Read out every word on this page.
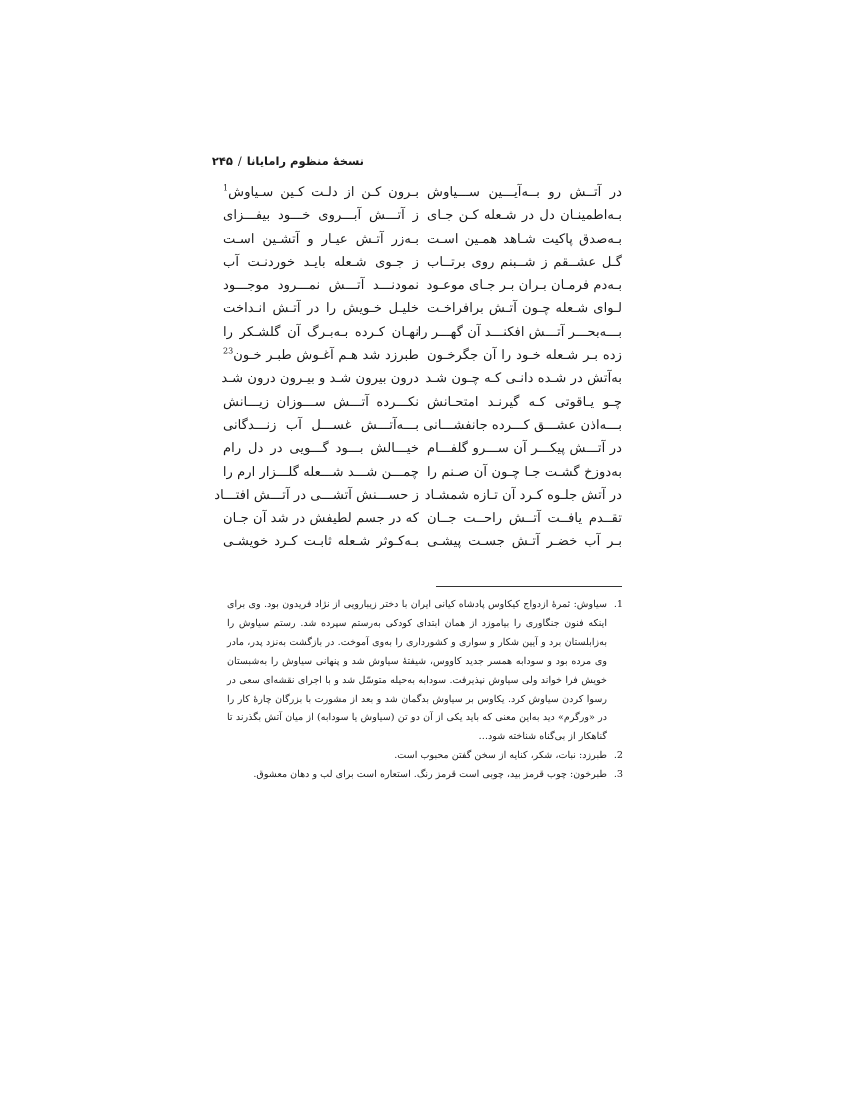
نسخهٔ منظوم رامایانا/۲۴۵
در آتــش رو بــه‌آیـــین ســـیاوش
بـه‌اطمینـان دل در شـعله کـن جـای
بـه‌صدق پاکیت شـاهد همـین اسـت
گـل عشــقم ز شــبنم روی برتــاب
بـه‌دم فرمـان بـران بـر جـای موعـود
لـوای شـعله چـون آتـش برافراخـت
بـــه‌بحـــر آتـــش افکنـــد آن گهـــر را
زده بـر شـعله خـود را آن جگرخـون
به‌آتش در شـده دانـی کـه چـون شـد
چـو یـاقوتی کـه گیرنـد امتحـانش
بـــه‌اذن عشـــق کـــرده جانفشـــانی
در آتـــش پیکـــر آن ســـرو گلفـــام
به‌دوزخ گشـت جـا چـون آن صـنم را
در آتش جلـوه کـرد آن تـازه شمشـاد
تقــدم یافــت آتــش راحــت جــان
بـر آب خضـر آتـش جسـت پیشـی
بـرون کـن از دلـت کـین سـیاوش$^1$
ز آتـــش آبـــروی خـــود بیفـــزای
بـه‌زر آتـش عیـار و آتشـین اسـت
ز جـوی شـعله بایـد خوردنـت آب
نمودنـــد آتـــش نمـــرود موجـــود
خلیـل خـویش را در آتـش انـداخت
نهـان کـرده بـه‌بـرگ آن گلشـکر را
طبرزد شد هـم آغـوش طبـر خـون$^{23}$
درون بیرون شـد و بیـرون درون شـد
نکـــرده آتـــش ســـوزان زیـــانش
بـــه‌آتـــش غســـل آب زنـــدگانی
خیـــالش بـــود گـــویی در دل رام
چمـــن شـــد شـــعله گلـــزار ارم را
ز حســـنش آتشـــی در آتـــش افتـــاد
که در جسم لطیفش در شد آن جـان
بـه‌کـوثر شـعله ثابـت کـرد خویشـی
1.
سیاوش: ثمرهٔ ازدواج کیکاوس پادشاه کیانی ایران با دختر زیبارویی از نژاد فریدون بود. وی برای اینکه فنون جنگاوری را بیاموزد از همان ابتدای کودکی به‌رستم سپرده شد. رستم سیاوش را به‌زابلستان برد و آیین شکار و سواری و کشورداری را به‌وی آموخت. در بازگشت به‌نزد پدر، مادر وی مرده بود و سودابه همسر جدید کاووس، شیفتهٔ سیاوش شد و پنهانی سیاوش را به‌شبستان خویش فرا خواند ولی سیاوش نپذیرفت. سودابه به‌حیله متوسّل شد و با اجرای نقشه‌ای سعی در رسوا کردن سیاوش کرد. یکاوس بر سیاوش بدگمان شد و بعد از مشورت با بزرگان چارهٔ کار را در «ورگرم» دید به‌این معنی که باید یکی از آن دو تن (سیاوش یا سودابه) از میان آتش بگذرند تا گناهکار از بی‌گناه شناخته شود…
2.
طبرزد: نبات، شکر، کنایه از سخن گفتن محبوب است.
3.
طبرخون: چوب قرمز بید، چوبی است قرمز رنگ. استعاره است برای لب و دهان معشوق.
